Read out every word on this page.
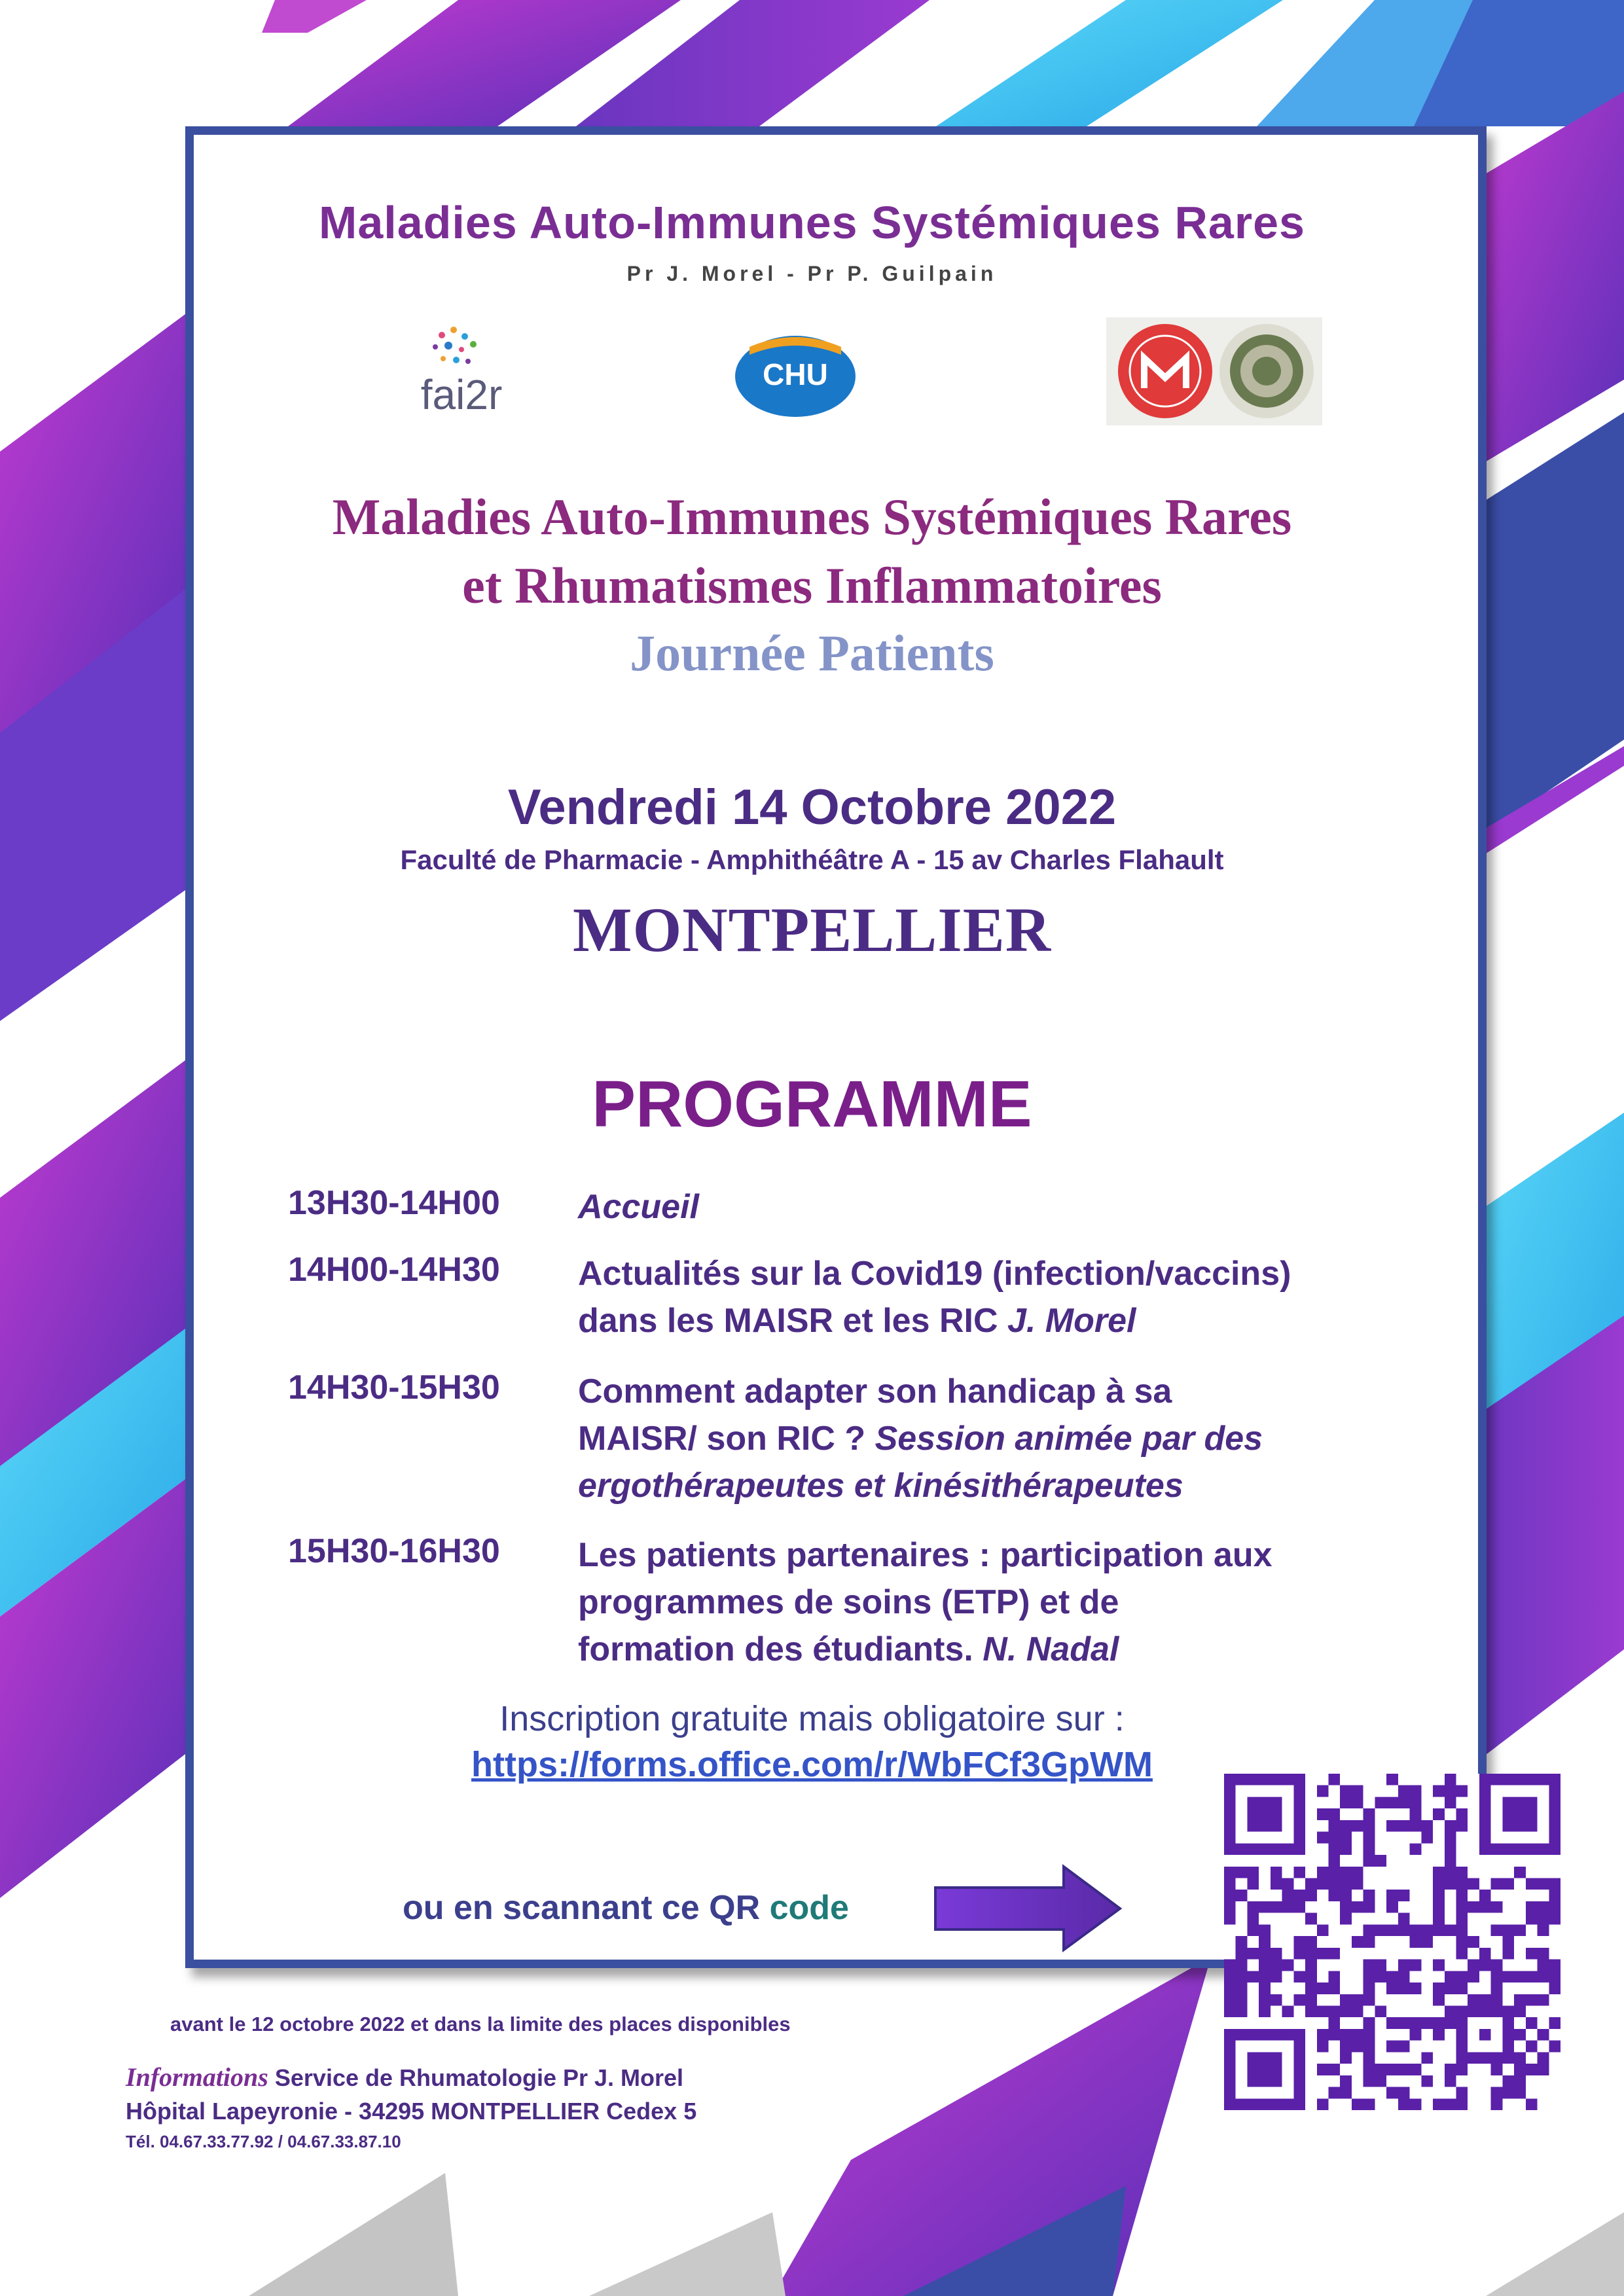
Maladies Auto-Immunes Systémiques Rares
Pr J. Morel - Pr P. Guilpain
fai2r	CHU
Maladies Auto-Immunes Systémiques Rares
et Rhumatismes Inflammatoires
Journée Patients
Vendredi 14 Octobre 2022
Faculté de Pharmacie - Amphithéâtre A - 15 av Charles Flahault
MONTPELLIER
PROGRAMME
13H30-14H00	Accueil
14H00-14H30	Actualités sur la Covid19 (infection/vaccins)
dans les MAISR et les RIC J. Morel
14H30-15H30	Comment adapter son handicap à sa
MAISR/ son RIC ? Session animée par des
ergothérapeutes et kinésithérapeutes
15H30-16H30	Les patients partenaires : participation aux
programmes de soins (ETP) et de
formation des étudiants. N. Nadal
Inscription gratuite mais obligatoire sur :
https://forms.office.com/r/WbFCf3GpWM
ou en scannant ce QR code
avant le 12 octobre 2022 et dans la limite des places disponibles
Informations Service de Rhumatologie Pr J. Morel
Hôpital Lapeyronie - 34295 MONTPELLIER Cedex 5
Tél. 04.67.33.77.92 / 04.67.33.87.10
